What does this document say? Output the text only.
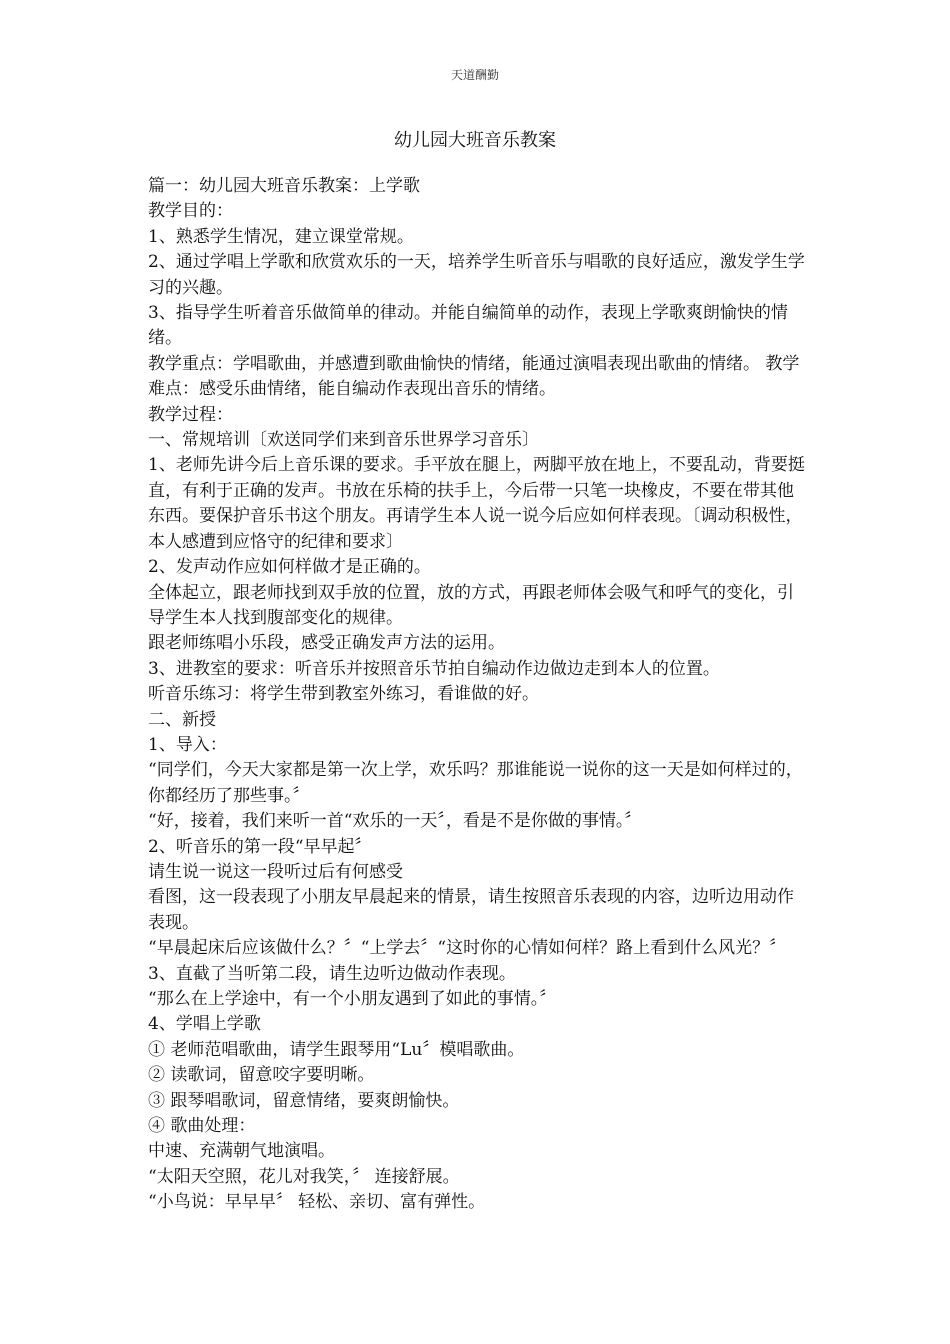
天道酬勤
幼儿园大班音乐教案

篇一：幼儿园大班音乐教案：上学歌

教学目的：

1、熟悉学生情况，建立课堂常规。

2、通过学唱上学歌和欣赏欢乐的一天，培养学生听音乐与唱歌的良好适应，激发学生学习的兴趣。

3、指导学生听着音乐做简单的律动。并能自编简单的动作，表现上学歌爽朗愉快的情绪。

教学重点：学唱歌曲，并感遭到歌曲愉快的情绪，能通过演唱表现出歌曲的情绪。 教学难点：感受乐曲情绪，能自编动作表现出音乐的情绪。

教学过程：

一、常规培训〔欢送同学们来到音乐世界学习音乐〕

1、老师先讲今后上音乐课的要求。手平放在腿上，两脚平放在地上，不要乱动，背要挺直，有利于正确的发声。书放在乐椅的扶手上，今后带一只笔一块橡皮，不要在带其他东西。要保护音乐书这个朋友。再请学生本人说一说今后应如何样表现。〔调动积极性，本人感遭到应恪守的纪律和要求〕

2、发声动作应如何样做才是正确的。

全体起立，跟老师找到双手放的位置，放的方式，再跟老师体会吸气和呼气的变化，引导学生本人找到腹部变化的规律。

跟老师练唱小乐段，感受正确发声方法的运用。

3、进教室的要求：听音乐并按照音乐节拍自编动作边做边走到本人的位置。

听音乐练习：将学生带到教室外练习，看谁做的好。

二、新授

1、导入：

“同学们，今天大家都是第一次上学，欢乐吗？那谁能说一说你的这一天是如何样过的，你都经历了那些事。〞

“好，接着，我们来听一首“欢乐的一天〞，看是不是你做的事情。〞

2、听音乐的第一段“早早起〞

请生说一说这一段听过后有何感受

看图，这一段表现了小朋友早晨起来的情景，请生按照音乐表现的内容，边听边用动作表现。

“早晨起床后应该做什么？〞“上学去〞“这时你的心情如何样？路上看到什么风光？〞

3、直截了当听第二段，请生边听边做动作表现。

“那么在上学途中，有一个小朋友遇到了如此的事情。〞

4、学唱上学歌

① 老师范唱歌曲，请学生跟琴用“Lu〞模唱歌曲。

② 读歌词，留意咬字要明晰。

③ 跟琴唱歌词，留意情绪，要爽朗愉快。

④ 歌曲处理：

中速、充满朝气地演唱。

“太阳天空照，花儿对我笑，〞 连接舒展。

“小鸟说：早早早〞 轻松、亲切、富有弹性。
